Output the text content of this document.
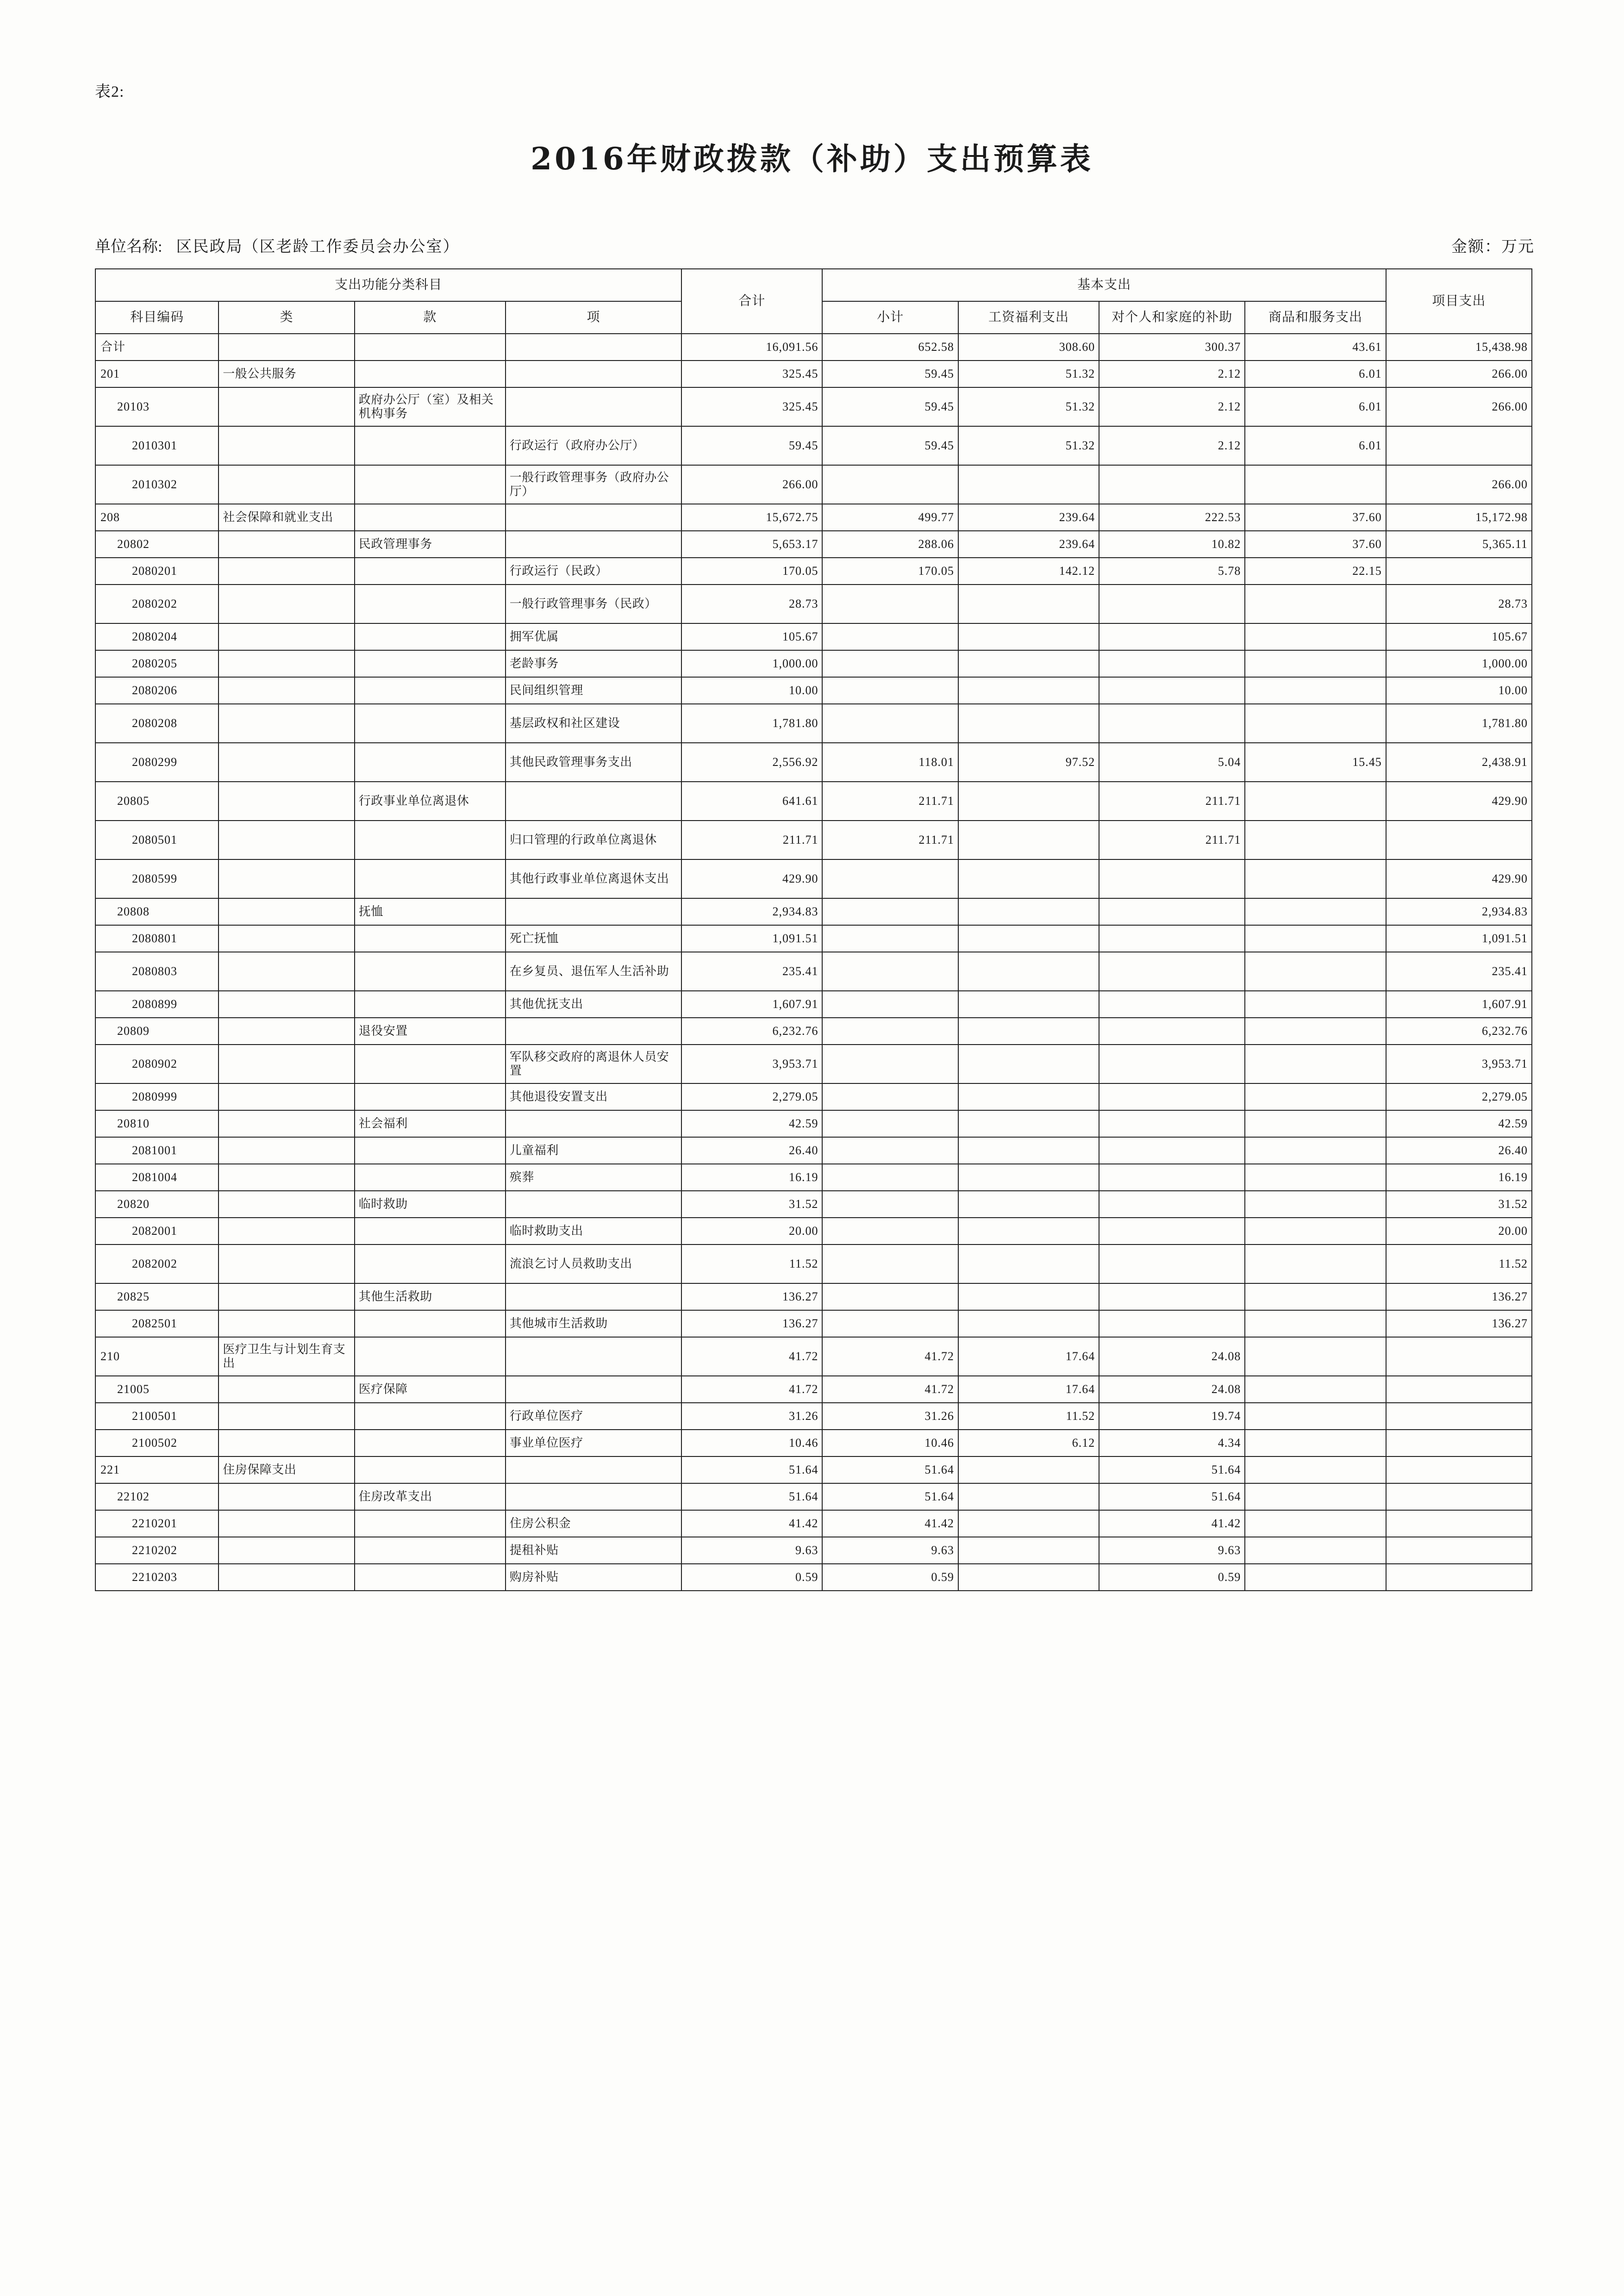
表2:
2016年财政拨款（补助）支出预算表
单位名称: 区民政局（区老龄工作委员会办公室）	金额：万元
支出功能分类科目				合计	基本支出				项目支出
科目编码	类	款	项		小计	工资福利支出	对个人和家庭的补助	商品和服务支出	
合计				16,091.56	652.58	308.60	300.37	43.61	15,438.98
201	一般公共服务			325.45	59.45	51.32	2.12	6.01	266.00
20103		政府办公厅（室）及相关机构事务		325.45	59.45	51.32	2.12	6.01	266.00
2010301			行政运行（政府办公厅）	59.45	59.45	51.32	2.12	6.01	
2010302			一般行政管理事务（政府办公厅）	266.00					266.00
208	社会保障和就业支出			15,672.75	499.77	239.64	222.53	37.60	15,172.98
20802		民政管理事务		5,653.17	288.06	239.64	10.82	37.60	5,365.11
2080201			行政运行（民政）	170.05	170.05	142.12	5.78	22.15	
2080202			一般行政管理事务（民政）	28.73					28.73
2080204			拥军优属	105.67					105.67
2080205			老龄事务	1,000.00					1,000.00
2080206			民间组织管理	10.00					10.00
2080208			基层政权和社区建设	1,781.80					1,781.80
2080299			其他民政管理事务支出	2,556.92	118.01	97.52	5.04	15.45	2,438.91
20805		行政事业单位离退休		641.61	211.71		211.71		429.90
2080501			归口管理的行政单位离退休	211.71	211.71		211.71		
2080599			其他行政事业单位离退休支出	429.90					429.90
20808		抚恤		2,934.83					2,934.83
2080801			死亡抚恤	1,091.51					1,091.51
2080803			在乡复员、退伍军人生活补助	235.41					235.41
2080899			其他优抚支出	1,607.91					1,607.91
20809		退役安置		6,232.76					6,232.76
2080902			军队移交政府的离退休人员安置	3,953.71					3,953.71
2080999			其他退役安置支出	2,279.05					2,279.05
20810		社会福利		42.59					42.59
2081001			儿童福利	26.40					26.40
2081004			殡葬	16.19					16.19
20820		临时救助		31.52					31.52
2082001			临时救助支出	20.00					20.00
2082002			流浪乞讨人员救助支出	11.52					11.52
20825		其他生活救助		136.27					136.27
2082501			其他城市生活救助	136.27					136.27
210	医疗卫生与计划生育支出			41.72	41.72	17.64	24.08		
21005		医疗保障		41.72	41.72	17.64	24.08		
2100501			行政单位医疗	31.26	31.26	11.52	19.74		
2100502			事业单位医疗	10.46	10.46	6.12	4.34		
221	住房保障支出			51.64	51.64		51.64		
22102		住房改革支出		51.64	51.64		51.64		
2210201			住房公积金	41.42	41.42		41.42		
2210202			提租补贴	9.63	9.63		9.63		
2210203			购房补贴	0.59	0.59		0.59		
